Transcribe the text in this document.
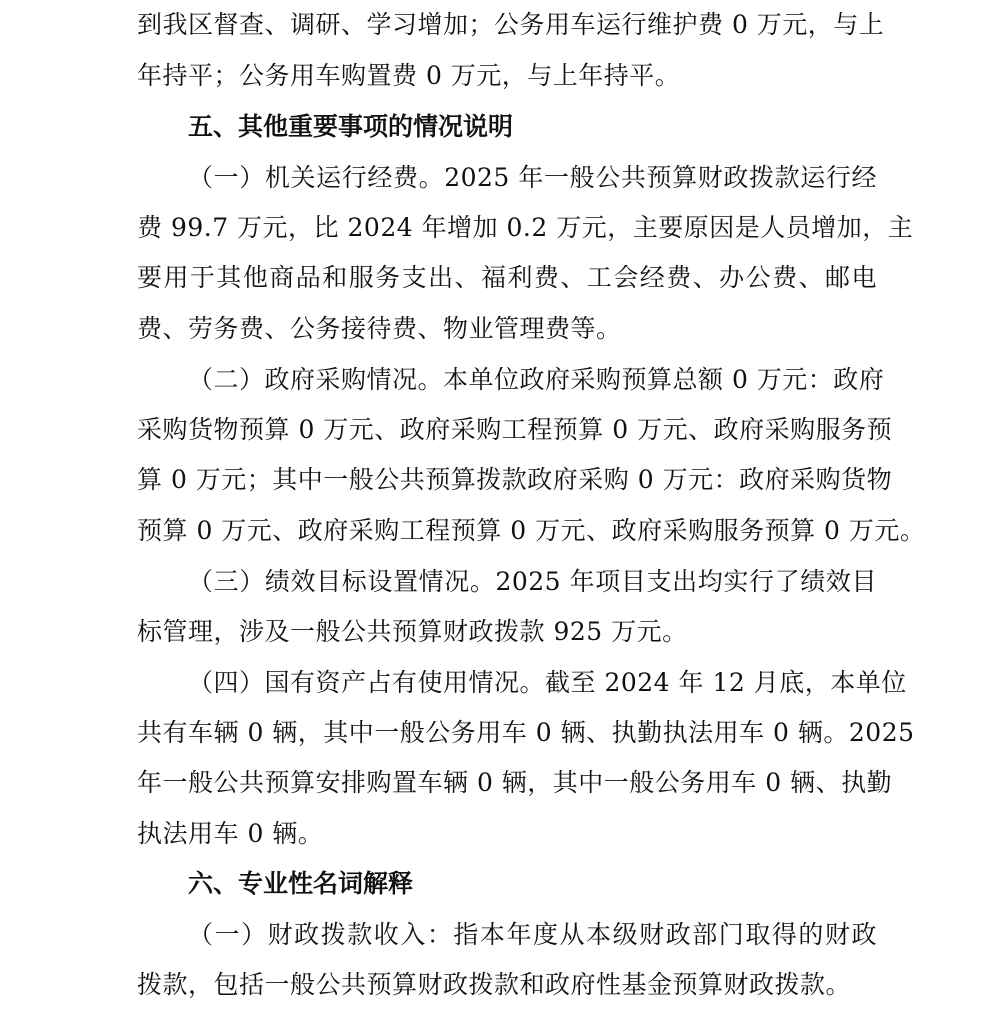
到我区督查、调研、学习增加；公务用车运行维护费 0 万元，与上
年持平；公务用车购置费 0 万元，与上年持平。
五、其他重要事项的情况说明
（一）机关运行经费。2025 年一般公共预算财政拨款运行经
费 99.7 万元，比 2024 年增加 0.2 万元，主要原因是人员增加，主
要用于其他商品和服务支出、福利费、工会经费、办公费、邮电
费、劳务费、公务接待费、物业管理费等。
（二）政府采购情况。本单位政府采购预算总额 0 万元：政府
采购货物预算 0 万元、政府采购工程预算 0 万元、政府采购服务预
算 0 万元；其中一般公共预算拨款政府采购 0 万元：政府采购货物
预算 0 万元、政府采购工程预算 0 万元、政府采购服务预算 0 万元。
（三）绩效目标设置情况。2025 年项目支出均实行了绩效目
标管理，涉及一般公共预算财政拨款 925 万元。
（四）国有资产占有使用情况。截至 2024 年 12 月底，本单位
共有车辆 0 辆，其中一般公务用车 0 辆、执勤执法用车 0 辆。2025
年一般公共预算安排购置车辆 0 辆，其中一般公务用车 0 辆、执勤
执法用车 0 辆。
六、专业性名词解释
（一）财政拨款收入：指本年度从本级财政部门取得的财政
拨款，包括一般公共预算财政拨款和政府性基金预算财政拨款。
